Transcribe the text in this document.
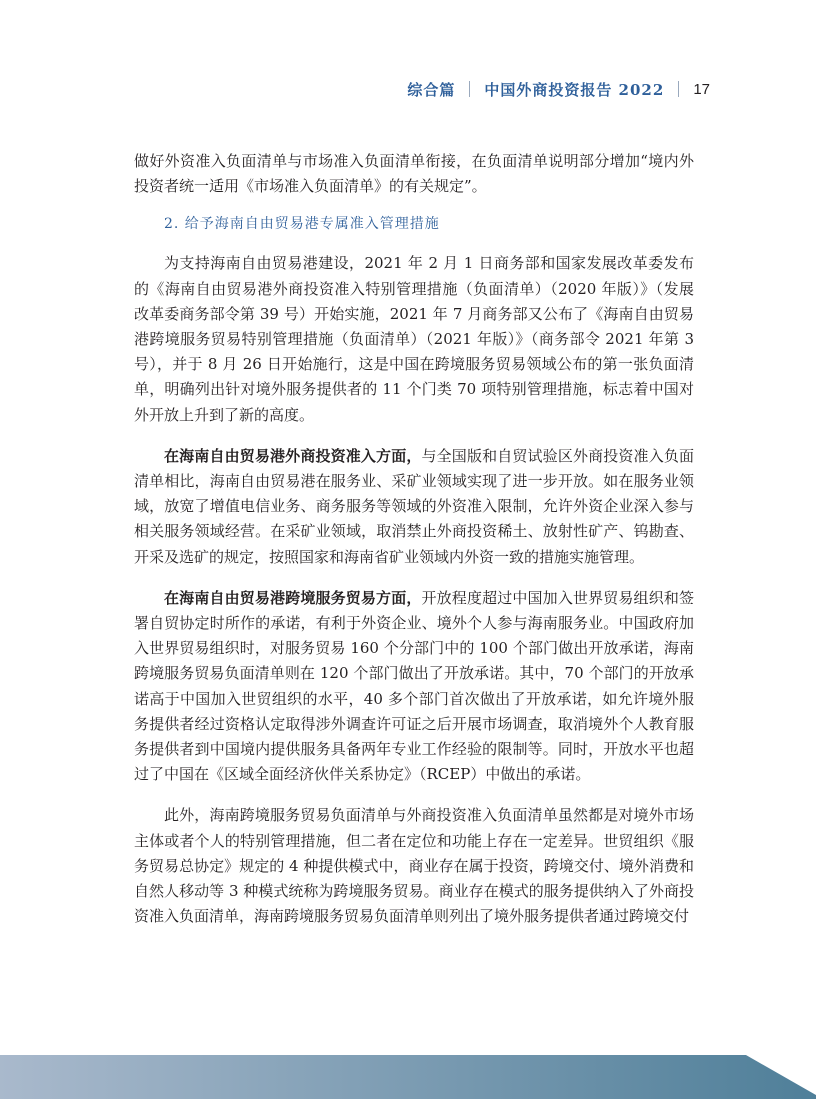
综合篇 中国外商投资报告 2022 17

做好外资准入负面清单与市场准入负面清单衔接，在负面清单说明部分增加“境内外投资者统一适用《市场准入负面清单》的有关规定”。

2. 给予海南自由贸易港专属准入管理措施

为支持海南自由贸易港建设，2021 年 2 月 1 日商务部和国家发展改革委发布的《海南自由贸易港外商投资准入特别管理措施（负面清单）（2020 年版）》（发展改革委商务部令第 39 号）开始实施，2021 年 7 月商务部又公布了《海南自由贸易港跨境服务贸易特别管理措施（负面清单）（2021 年版）》（商务部令 2021 年第 3 号），并于 8 月 26 日开始施行，这是中国在跨境服务贸易领域公布的第一张负面清单，明确列出针对境外服务提供者的 11 个门类 70 项特别管理措施，标志着中国对外开放上升到了新的高度。

在海南自由贸易港外商投资准入方面，与全国版和自贸试验区外商投资准入负面清单相比，海南自由贸易港在服务业、采矿业领域实现了进一步开放。如在服务业领域，放宽了增值电信业务、商务服务等领域的外资准入限制，允许外资企业深入参与相关服务领域经营。在采矿业领域，取消禁止外商投资稀土、放射性矿产、钨勘查、开采及选矿的规定，按照国家和海南省矿业领域内外资一致的措施实施管理。

在海南自由贸易港跨境服务贸易方面，开放程度超过中国加入世界贸易组织和签署自贸协定时所作的承诺，有利于外资企业、境外个人参与海南服务业。中国政府加入世界贸易组织时，对服务贸易 160 个分部门中的 100 个部门做出开放承诺，海南跨境服务贸易负面清单则在 120 个部门做出了开放承诺。其中，70 个部门的开放承诺高于中国加入世贸组织的水平，40 多个部门首次做出了开放承诺，如允许境外服务提供者经过资格认定取得涉外调查许可证之后开展市场调查，取消境外个人教育服务提供者到中国境内提供服务具备两年专业工作经验的限制等。同时，开放水平也超过了中国在《区域全面经济伙伴关系协定》（RCEP）中做出的承诺。

此外，海南跨境服务贸易负面清单与外商投资准入负面清单虽然都是对境外市场主体或者个人的特别管理措施，但二者在定位和功能上存在一定差异。世贸组织《服务贸易总协定》规定的 4 种提供模式中，商业存在属于投资，跨境交付、境外消费和自然人移动等 3 种模式统称为跨境服务贸易。商业存在模式的服务提供纳入了外商投资准入负面清单，海南跨境服务贸易负面清单则列出了境外服务提供者通过跨境交付
